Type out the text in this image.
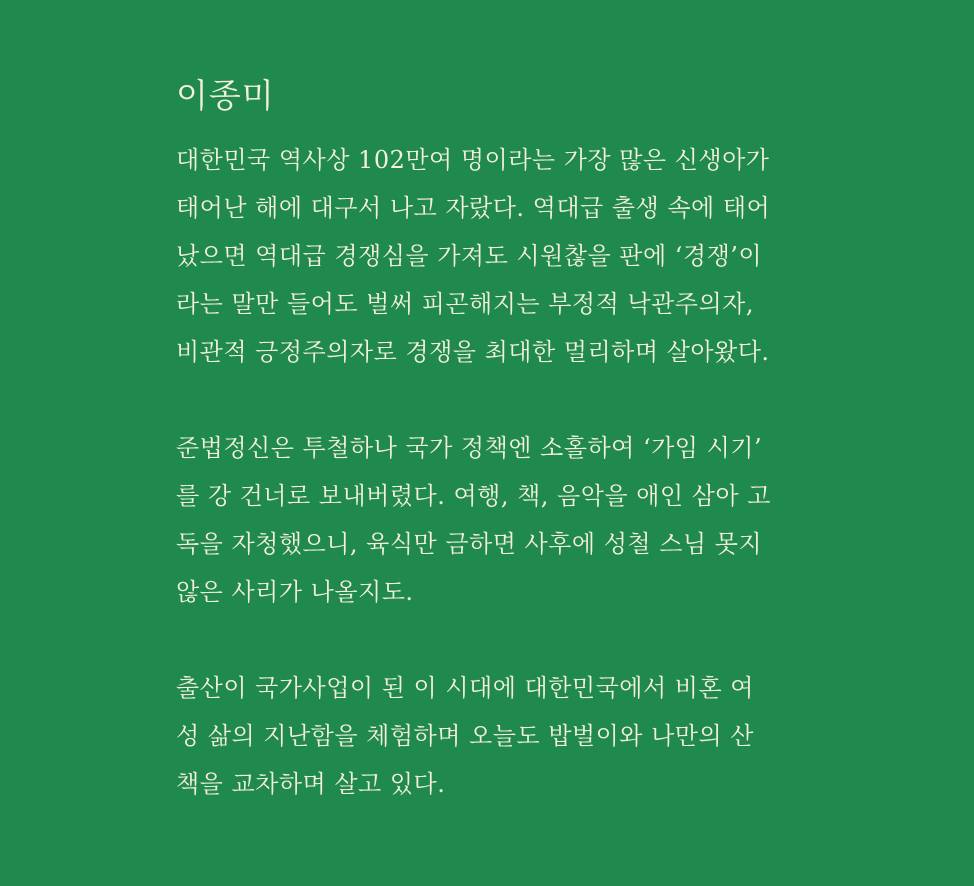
이종미

대한민국 역사상 102만여 명이라는 가장 많은 신생아가
태어난 해에 대구서 나고 자랐다. 역대급 출생 속에 태어
났으면 역대급 경쟁심을 가져도 시원찮을 판에 ‘경쟁’이
라는 말만 들어도 벌써 피곤해지는 부정적 낙관주의자,
비관적 긍정주의자로 경쟁을 최대한 멀리하며 살아왔다.

준법정신은 투철하나 국가 정책엔 소홀하여 ‘가임 시기’
를 강 건너로 보내버렸다. 여행, 책, 음악을 애인 삼아 고
독을 자청했으니, 육식만 금하면 사후에 성철 스님 못지
않은 사리가 나올지도.

출산이 국가사업이 된 이 시대에 대한민국에서 비혼 여
성 삶의 지난함을 체험하며 오늘도 밥벌이와 나만의 산
책을 교차하며 살고 있다.
